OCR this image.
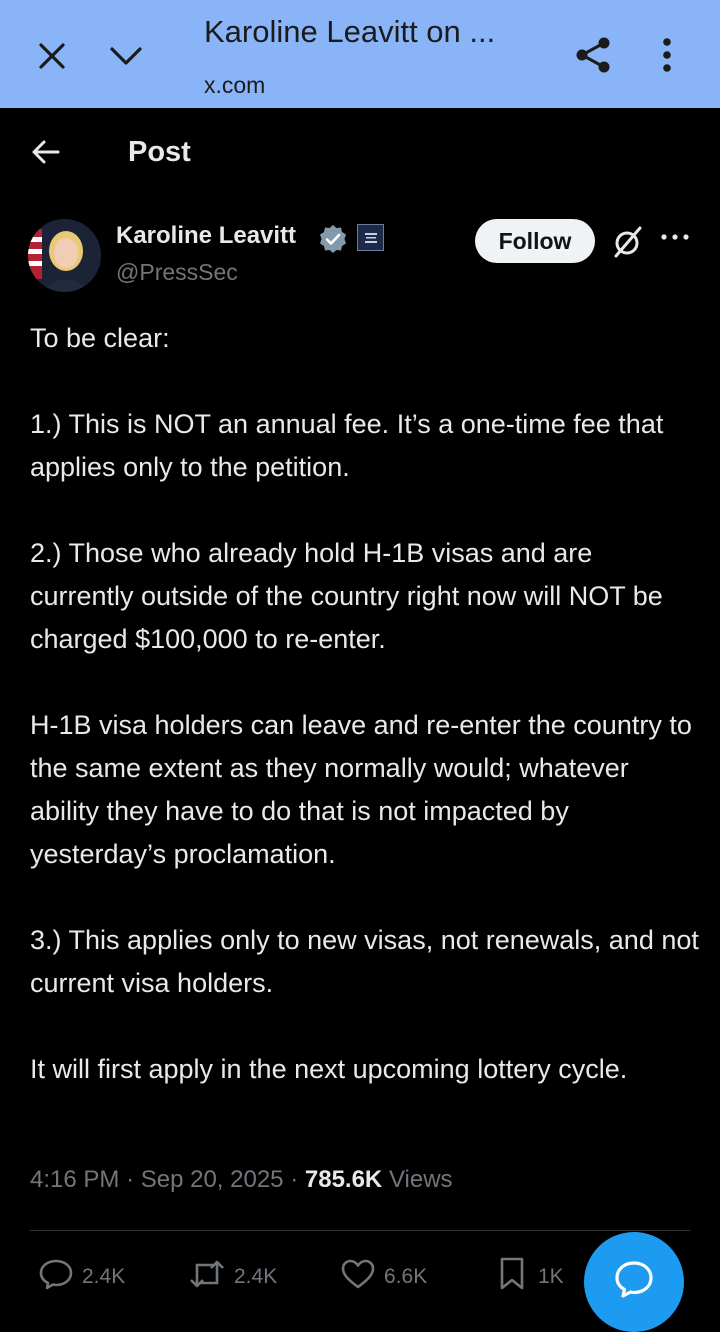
Karoline Leavitt on ...
x.com
Post
Karoline Leavitt
@PressSec
Follow

To be clear:

1.) This is NOT an annual fee. It’s a one-time fee that applies only to the petition.

2.) Those who already hold H-1B visas and are currently outside of the country right now will NOT be charged $100,000 to re-enter.

H-1B visa holders can leave and re-enter the country to the same extent as they normally would; whatever ability they have to do that is not impacted by yesterday’s proclamation.

3.) This applies only to new visas, not renewals, and not current visa holders.

It will first apply in the next upcoming lottery cycle.

4:16 PM · Sep 20, 2025 · 785.6K Views
2.4K	2.4K	6.6K	1K
